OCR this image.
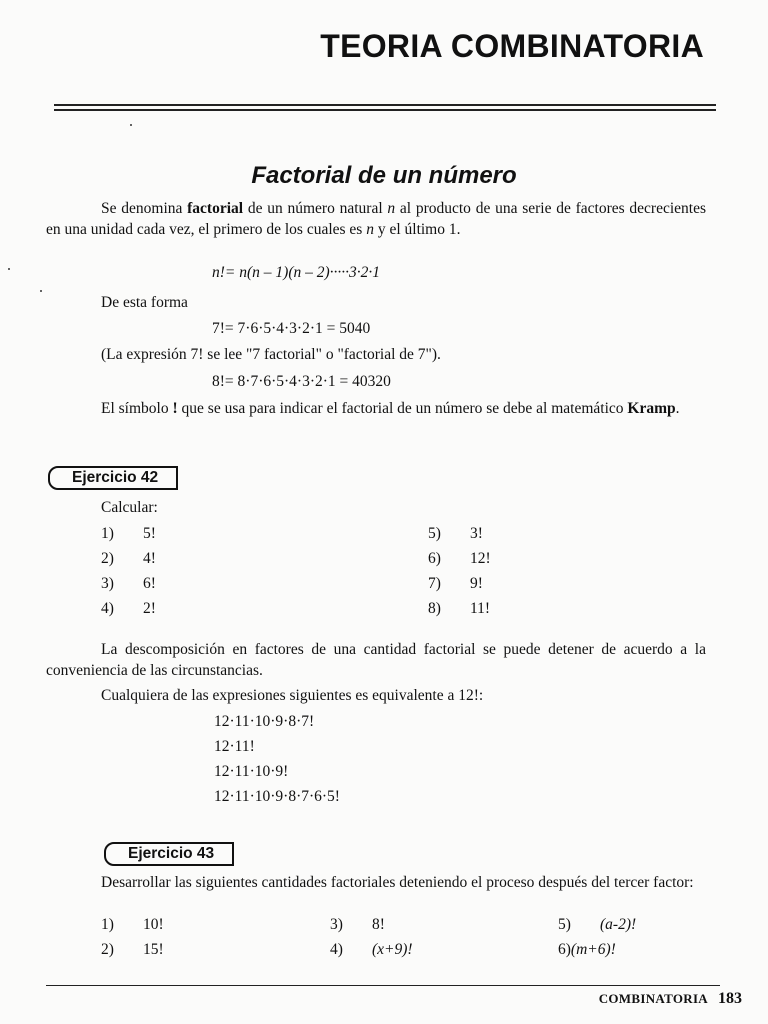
TEORIA COMBINATORIA
Factorial de un número
Se denomina factorial de un número natural n al producto de una serie de factores decrecientes en una unidad cada vez, el primero de los cuales es n y el último 1.
n!= n(n – 1)(n – 2)·····3·2·1
De esta forma
7!= 7·6·5·4·3·2·1 = 5040
(La expresión 7! se lee "7 factorial" o "factorial de 7").
8!= 8·7·6·5·4·3·2·1 = 40320
El símbolo ! que se usa para indicar el factorial de un número se debe al matemático Kramp.
Ejercicio 42
Calcular:
1) 5!
2) 4!
3) 6!
4) 2!
5) 3!
6) 12!
7) 9!
8) 11!
La descomposición en factores de una cantidad factorial se puede detener de acuerdo a la conveniencia de las circunstancias.
Cualquiera de las expresiones siguientes es equivalente a 12!:
12·11·10·9·8·7!
12·11!
12·11·10·9!
12·11·10·9·8·7·6·5!
Ejercicio 43
Desarrollar las siguientes cantidades factoriales deteniendo el proceso después del tercer factor:
1) 10!
2) 15!
3) 8!
4) (x+9)!
5) (a-2)!
6)(m+6)!
COMBINATORIA 183
